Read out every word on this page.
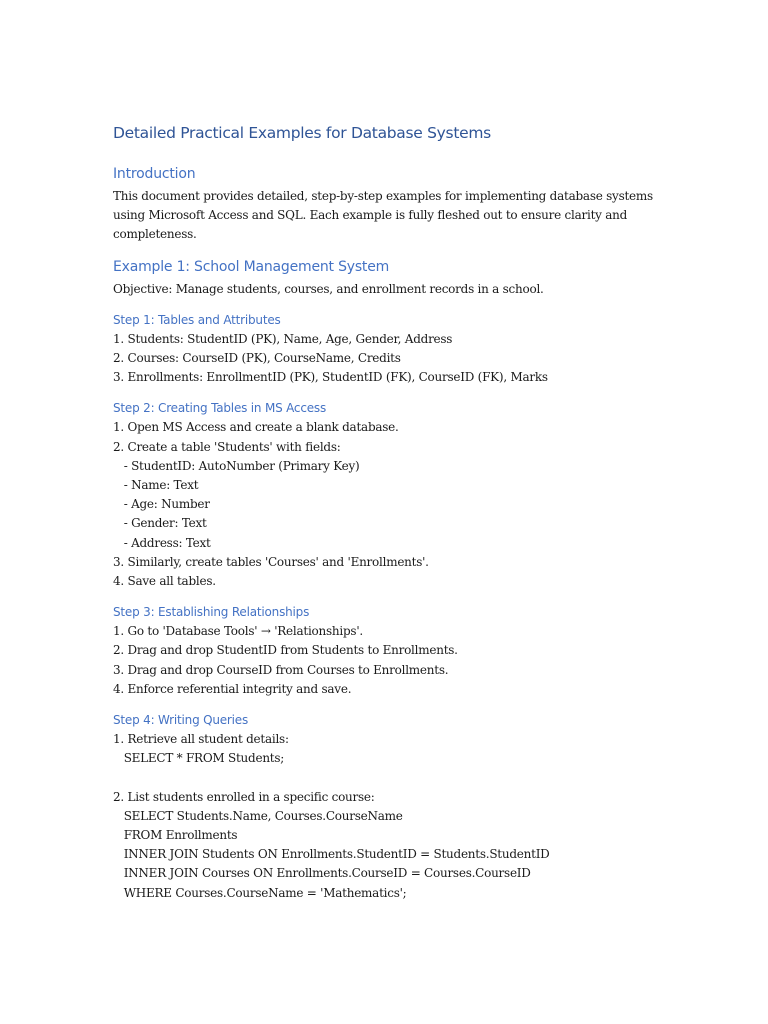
Detailed Practical Examples for Database Systems
Introduction
This document provides detailed, step-by-step examples for implementing database systems using Microsoft Access and SQL. Each example is fully fleshed out to ensure clarity and completeness.
Example 1: School Management System
Objective: Manage students, courses, and enrollment records in a school.
Step 1: Tables and Attributes
1. Students: StudentID (PK), Name, Age, Gender, Address
2. Courses: CourseID (PK), CourseName, Credits
3. Enrollments: EnrollmentID (PK), StudentID (FK), CourseID (FK), Marks
Step 2: Creating Tables in MS Access
1. Open MS Access and create a blank database.
2. Create a table 'Students' with fields:
- StudentID: AutoNumber (Primary Key)
- Name: Text
- Age: Number
- Gender: Text
- Address: Text
3. Similarly, create tables 'Courses' and 'Enrollments'.
4. Save all tables.
Step 3: Establishing Relationships
1. Go to 'Database Tools' → 'Relationships'.
2. Drag and drop StudentID from Students to Enrollments.
3. Drag and drop CourseID from Courses to Enrollments.
4. Enforce referential integrity and save.
Step 4: Writing Queries
1. Retrieve all student details:
SELECT * FROM Students;
2. List students enrolled in a specific course:
SELECT Students.Name, Courses.CourseName
FROM Enrollments
INNER JOIN Students ON Enrollments.StudentID = Students.StudentID
INNER JOIN Courses ON Enrollments.CourseID = Courses.CourseID
WHERE Courses.CourseName = 'Mathematics';
